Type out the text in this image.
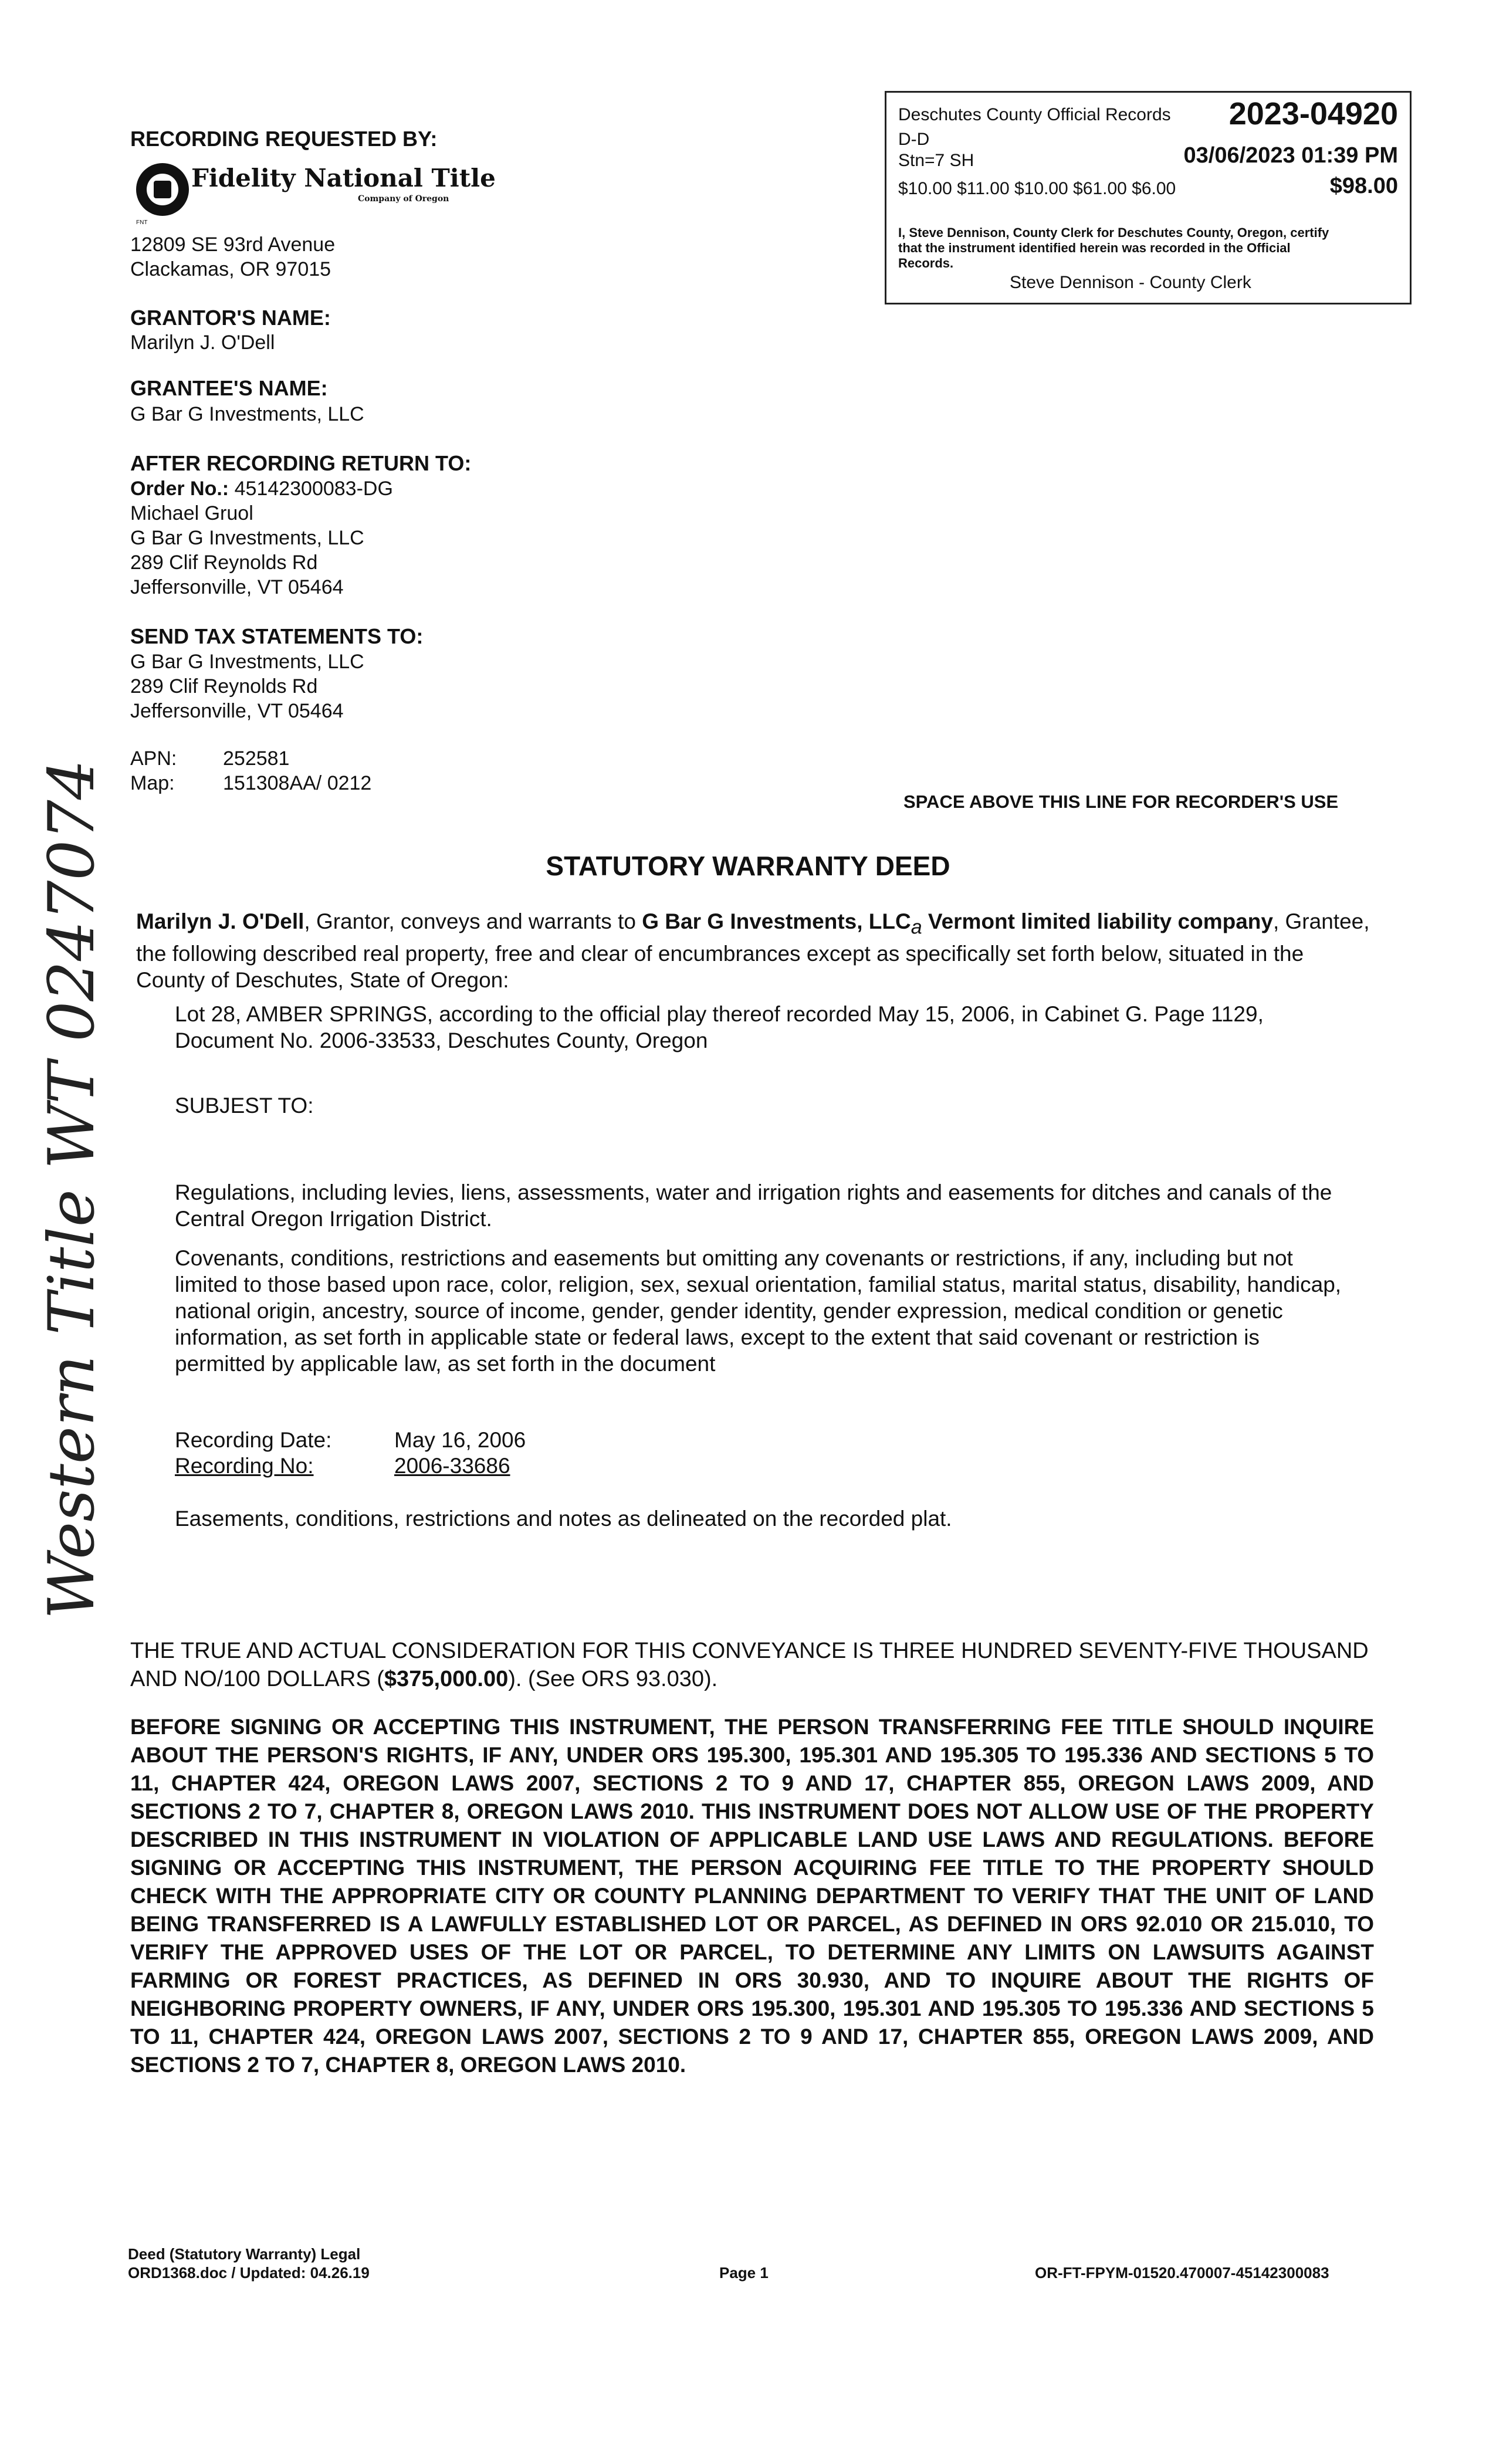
Deschutes County Official Records	2023-04920
D-D
Stn=7 SH	03/06/2023 01:39 PM
$10.00 $11.00 $10.00 $61.00 $6.00	$98.00
I, Steve Dennison, County Clerk for Deschutes County, Oregon, certify that the instrument identified herein was recorded in the Official Records.
Steve Dennison - County Clerk
RECORDING REQUESTED BY:
FNT
Fidelity National Title
Company of Oregon
12809 SE 93rd Avenue
Clackamas, OR 97015
GRANTOR'S NAME:
Marilyn J. O'Dell
GRANTEE'S NAME:
G Bar G Investments, LLC
AFTER RECORDING RETURN TO:
Order No.: 45142300083-DG
Michael Gruol
G Bar G Investments, LLC
289 Clif Reynolds Rd
Jeffersonville, VT 05464
SEND TAX STATEMENTS TO:
G Bar G Investments, LLC
289 Clif Reynolds Rd
Jeffersonville, VT 05464
APN: 252581
Map: 151308AA/ 0212
SPACE ABOVE THIS LINE FOR RECORDER'S USE
STATUTORY WARRANTY DEED
Marilyn J. O'Dell, Grantor, conveys and warrants to G Bar G Investments, $LLC_a$ Vermont limited liability company, Grantee, the following described real property, free and clear of encumbrances except as specifically set forth below, situated in the County of Deschutes, State of Oregon:
Lot 28, AMBER SPRINGS, according to the official play thereof recorded May 15, 2006, in Cabinet G. Page 1129, Document No. 2006-33533, Deschutes County, Oregon
SUBJEST TO:
Regulations, including levies, liens, assessments, water and irrigation rights and easements for ditches and canals of the Central Oregon Irrigation District.
Covenants, conditions, restrictions and easements but omitting any covenants or restrictions, if any, including but not limited to those based upon race, color, religion, sex, sexual orientation, familial status, marital status, disability, handicap, national origin, ancestry, source of income, gender, gender identity, gender expression, medical condition or genetic information, as set forth in applicable state or federal laws, except to the extent that said covenant or restriction is permitted by applicable law, as set forth in the document
Recording Date:	May 16, 2006
Recording No:	2006-33686
Easements, conditions, restrictions and notes as delineated on the recorded plat.
Western Title WT 0247074
THE TRUE AND ACTUAL CONSIDERATION FOR THIS CONVEYANCE IS THREE HUNDRED SEVENTY-FIVE THOUSAND AND NO/100 DOLLARS ($375,000.00). (See ORS 93.030).
BEFORE SIGNING OR ACCEPTING THIS INSTRUMENT, THE PERSON TRANSFERRING FEE TITLE SHOULD INQUIRE ABOUT THE PERSON'S RIGHTS, IF ANY, UNDER ORS 195.300, 195.301 AND 195.305 TO 195.336 AND SECTIONS 5 TO 11, CHAPTER 424, OREGON LAWS 2007, SECTIONS 2 TO 9 AND 17, CHAPTER 855, OREGON LAWS 2009, AND SECTIONS 2 TO 7, CHAPTER 8, OREGON LAWS 2010. THIS INSTRUMENT DOES NOT ALLOW USE OF THE PROPERTY DESCRIBED IN THIS INSTRUMENT IN VIOLATION OF APPLICABLE LAND USE LAWS AND REGULATIONS. BEFORE SIGNING OR ACCEPTING THIS INSTRUMENT, THE PERSON ACQUIRING FEE TITLE TO THE PROPERTY SHOULD CHECK WITH THE APPROPRIATE CITY OR COUNTY PLANNING DEPARTMENT TO VERIFY THAT THE UNIT OF LAND BEING TRANSFERRED IS A LAWFULLY ESTABLISHED LOT OR PARCEL, AS DEFINED IN ORS 92.010 OR 215.010, TO VERIFY THE APPROVED USES OF THE LOT OR PARCEL, TO DETERMINE ANY LIMITS ON LAWSUITS AGAINST FARMING OR FOREST PRACTICES, AS DEFINED IN ORS 30.930, AND TO INQUIRE ABOUT THE RIGHTS OF NEIGHBORING PROPERTY OWNERS, IF ANY, UNDER ORS 195.300, 195.301 AND 195.305 TO 195.336 AND SECTIONS 5 TO 11, CHAPTER 424, OREGON LAWS 2007, SECTIONS 2 TO 9 AND 17, CHAPTER 855, OREGON LAWS 2009, AND SECTIONS 2 TO 7, CHAPTER 8, OREGON LAWS 2010.
Deed (Statutory Warranty) Legal
ORD1368.doc / Updated: 04.26.19	Page 1	OR-FT-FPYM-01520.470007-45142300083
